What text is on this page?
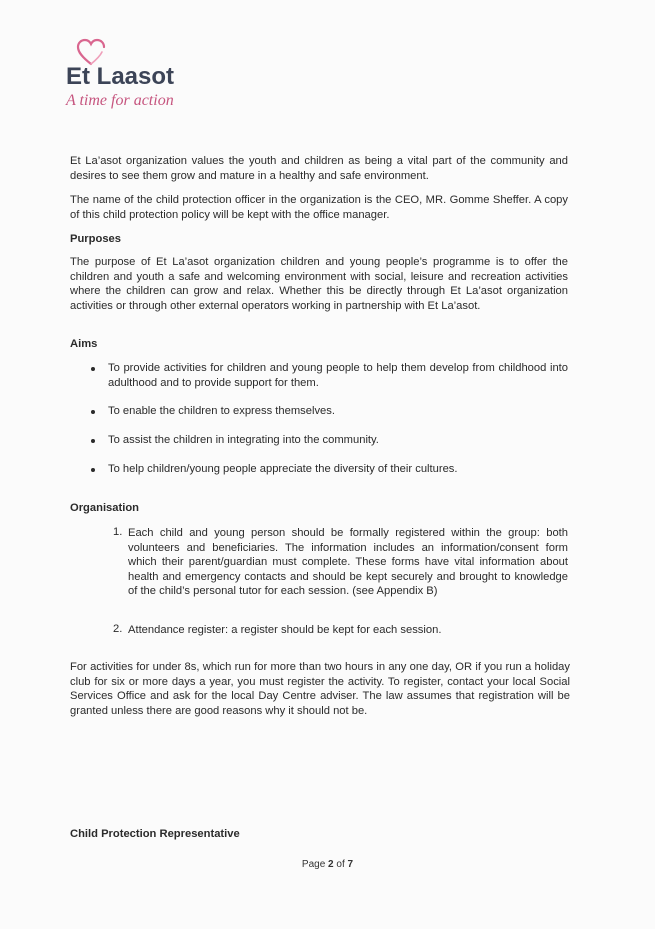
Et Laasot
A time for action
Et La’asot organization values the youth and children as being a vital part of the community and desires to see them grow and mature in a healthy and safe environment.
The name of the child protection officer in the organization is the CEO, MR. Gomme Sheffer. A copy of this child protection policy will be kept with the office manager.
Purposes
The purpose of Et La’asot organization children and young people’s programme is to offer the children and youth a safe and welcoming environment with social, leisure and recreation activities where the children can grow and relax. Whether this be directly through Et La’asot organization activities or through other external operators working in partnership with Et La’asot.
Aims
To provide activities for children and young people to help them develop from childhood into adulthood and to provide support for them.
To enable the children to express themselves.
To assist the children in integrating into the community.
To help children/young people appreciate the diversity of their cultures.
Organisation
1. Each child and young person should be formally registered within the group: both volunteers and beneficiaries. The information includes an information/consent form which their parent/guardian must complete. These forms have vital information about health and emergency contacts and should be kept securely and brought to knowledge of the child’s personal tutor for each session. (see Appendix B)
2. Attendance register: a register should be kept for each session.
For activities for under 8s, which run for more than two hours in any one day, OR if you run a holiday club for six or more days a year, you must register the activity. To register, contact your local Social Services Office and ask for the local Day Centre adviser. The law assumes that registration will be granted unless there are good reasons why it should not be.
Child Protection Representative
Page 2 of 7
